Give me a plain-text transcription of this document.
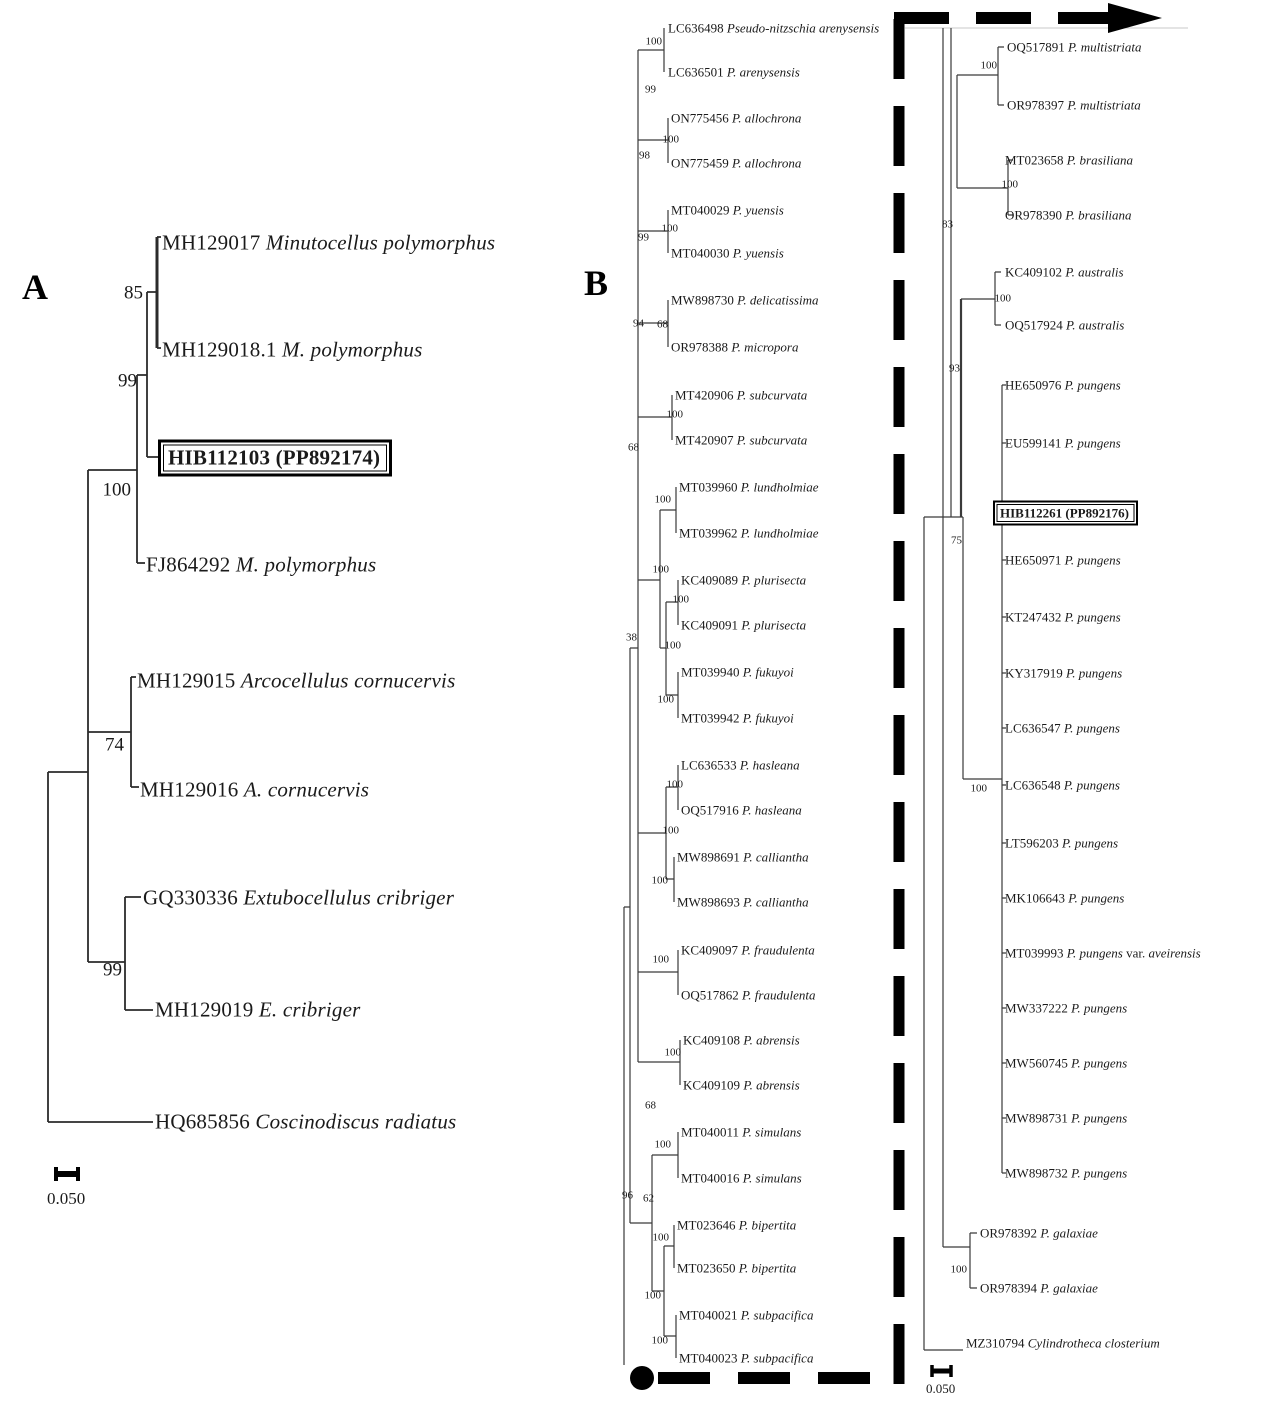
A	B
0.050
0.050
MH129017 Minutocellus polymorphus
MH129018.1 M. polymorphus
HIB112103 (PP892174)
FJ864292 M. polymorphus
MH129015 Arcocellulus cornucervis
MH129016 A. cornucervis
GQ330336 Extubocellulus cribriger
MH129019 E. cribriger
HQ685856 Coscinodiscus radiatus
85
99
100
74
99
LC636498 Pseudo-nitzschia arenysensis
LC636501 P. arenysensis
ON775456 P. allochrona
ON775459 P. allochrona
MT040029 P. yuensis
MT040030 P. yuensis
MW898730 P. delicatissima
OR978388 P. micropora
MT420906 P. subcurvata
MT420907 P. subcurvata
MT039960 P. lundholmiae
MT039962 P. lundholmiae
KC409089 P. plurisecta
KC409091 P. plurisecta
MT039940 P. fukuyoi
MT039942 P. fukuyoi
LC636533 P. hasleana
OQ517916 P. hasleana
MW898691 P. calliantha
MW898693 P. calliantha
KC409097 P. fraudulenta
OQ517862 P. fraudulenta
KC409108 P. abrensis
KC409109 P. abrensis
MT040011 P. simulans
MT040016 P. simulans
MT023646 P. bipertita
MT023650 P. bipertita
MT040021 P. subpacifica
MT040023 P. subpacifica
100
99
100
98
100
99
94 68
100
68
100
100
100
38
100
100
100
100
100
100
100
68
100
96 62
100
100
100
OQ517891 P. multistriata
OR978397 P. multistriata
MT023658 P. brasiliana
OR978390 P. brasiliana
KC409102 P. australis
OQ517924 P. australis
HE650976 P. pungens
EU599141 P. pungens
HIB112261 (PP892176)
HE650971 P. pungens
KT247432 P. pungens
KY317919 P. pungens
LC636547 P. pungens
LC636548 P. pungens
LT596203 P. pungens
MK106643 P. pungens
MT039993 P. pungens var. aveirensis
MW337222 P. pungens
MW560745 P. pungens
MW898731 P. pungens
MW898732 P. pungens
OR978392 P. galaxiae
OR978394 P. galaxiae
MZ310794 Cylindrotheca closterium
100
100
83
100
93
75
100
100
